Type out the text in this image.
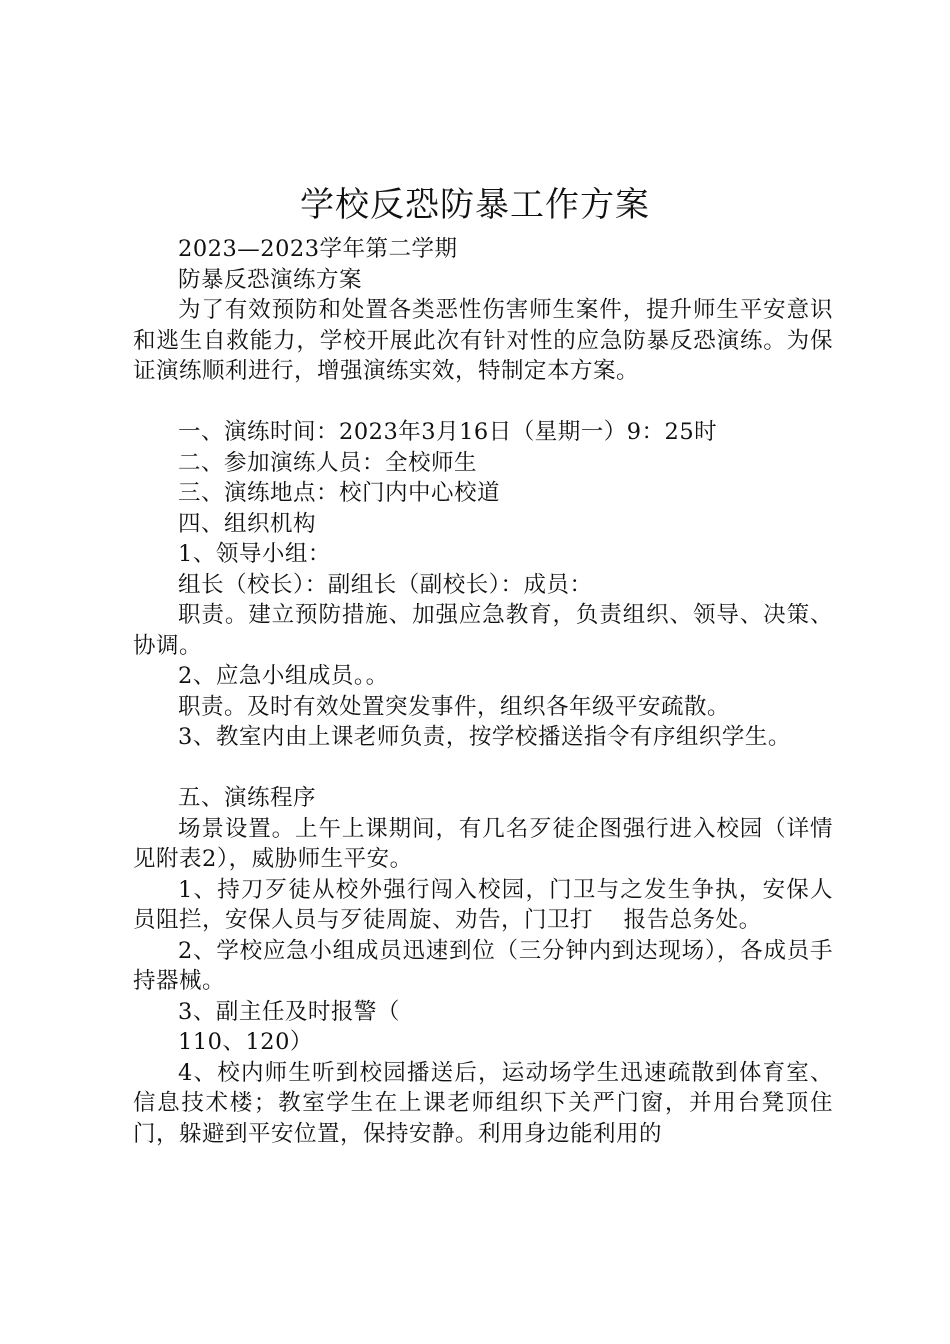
学校反恐防暴工作方案

2023—2023学年第二学期

防暴反恐演练方案

为了有效预防和处置各类恶性伤害师生案件，提升师生平安意识和逃生自救能力，学校开展此次有针对性的应急防暴反恐演练。为保证演练顺利进行，增强演练实效，特制定本方案。

一、演练时间：2023年3月16日（星期一）9：25时

二、参加演练人员：全校师生

三、演练地点：校门内中心校道

四、组织机构

1、领导小组：

组长（校长）：副组长（副校长）：成员：

职责。建立预防措施、加强应急教育，负责组织、领导、决策、协调。

2、应急小组成员。。

职责。及时有效处置突发事件，组织各年级平安疏散。

3、教室内由上课老师负责，按学校播送指令有序组织学生。

五、演练程序

场景设置。上午上课期间，有几名歹徒企图强行进入校园（详情见附表2），威胁师生平安。

1、持刀歹徒从校外强行闯入校园，门卫与之发生争执，安保人员阻拦，安保人员与歹徒周旋、劝告，门卫打　 报告总务处。

2、学校应急小组成员迅速到位（三分钟内到达现场），各成员手持器械。

3、副主任及时报警（

110、120）

4、校内师生听到校园播送后，运动场学生迅速疏散到体育室、信息技术楼；教室学生在上课老师组织下关严门窗，并用台凳顶住门，躲避到平安位置，保持安静。利用身边能利用的
